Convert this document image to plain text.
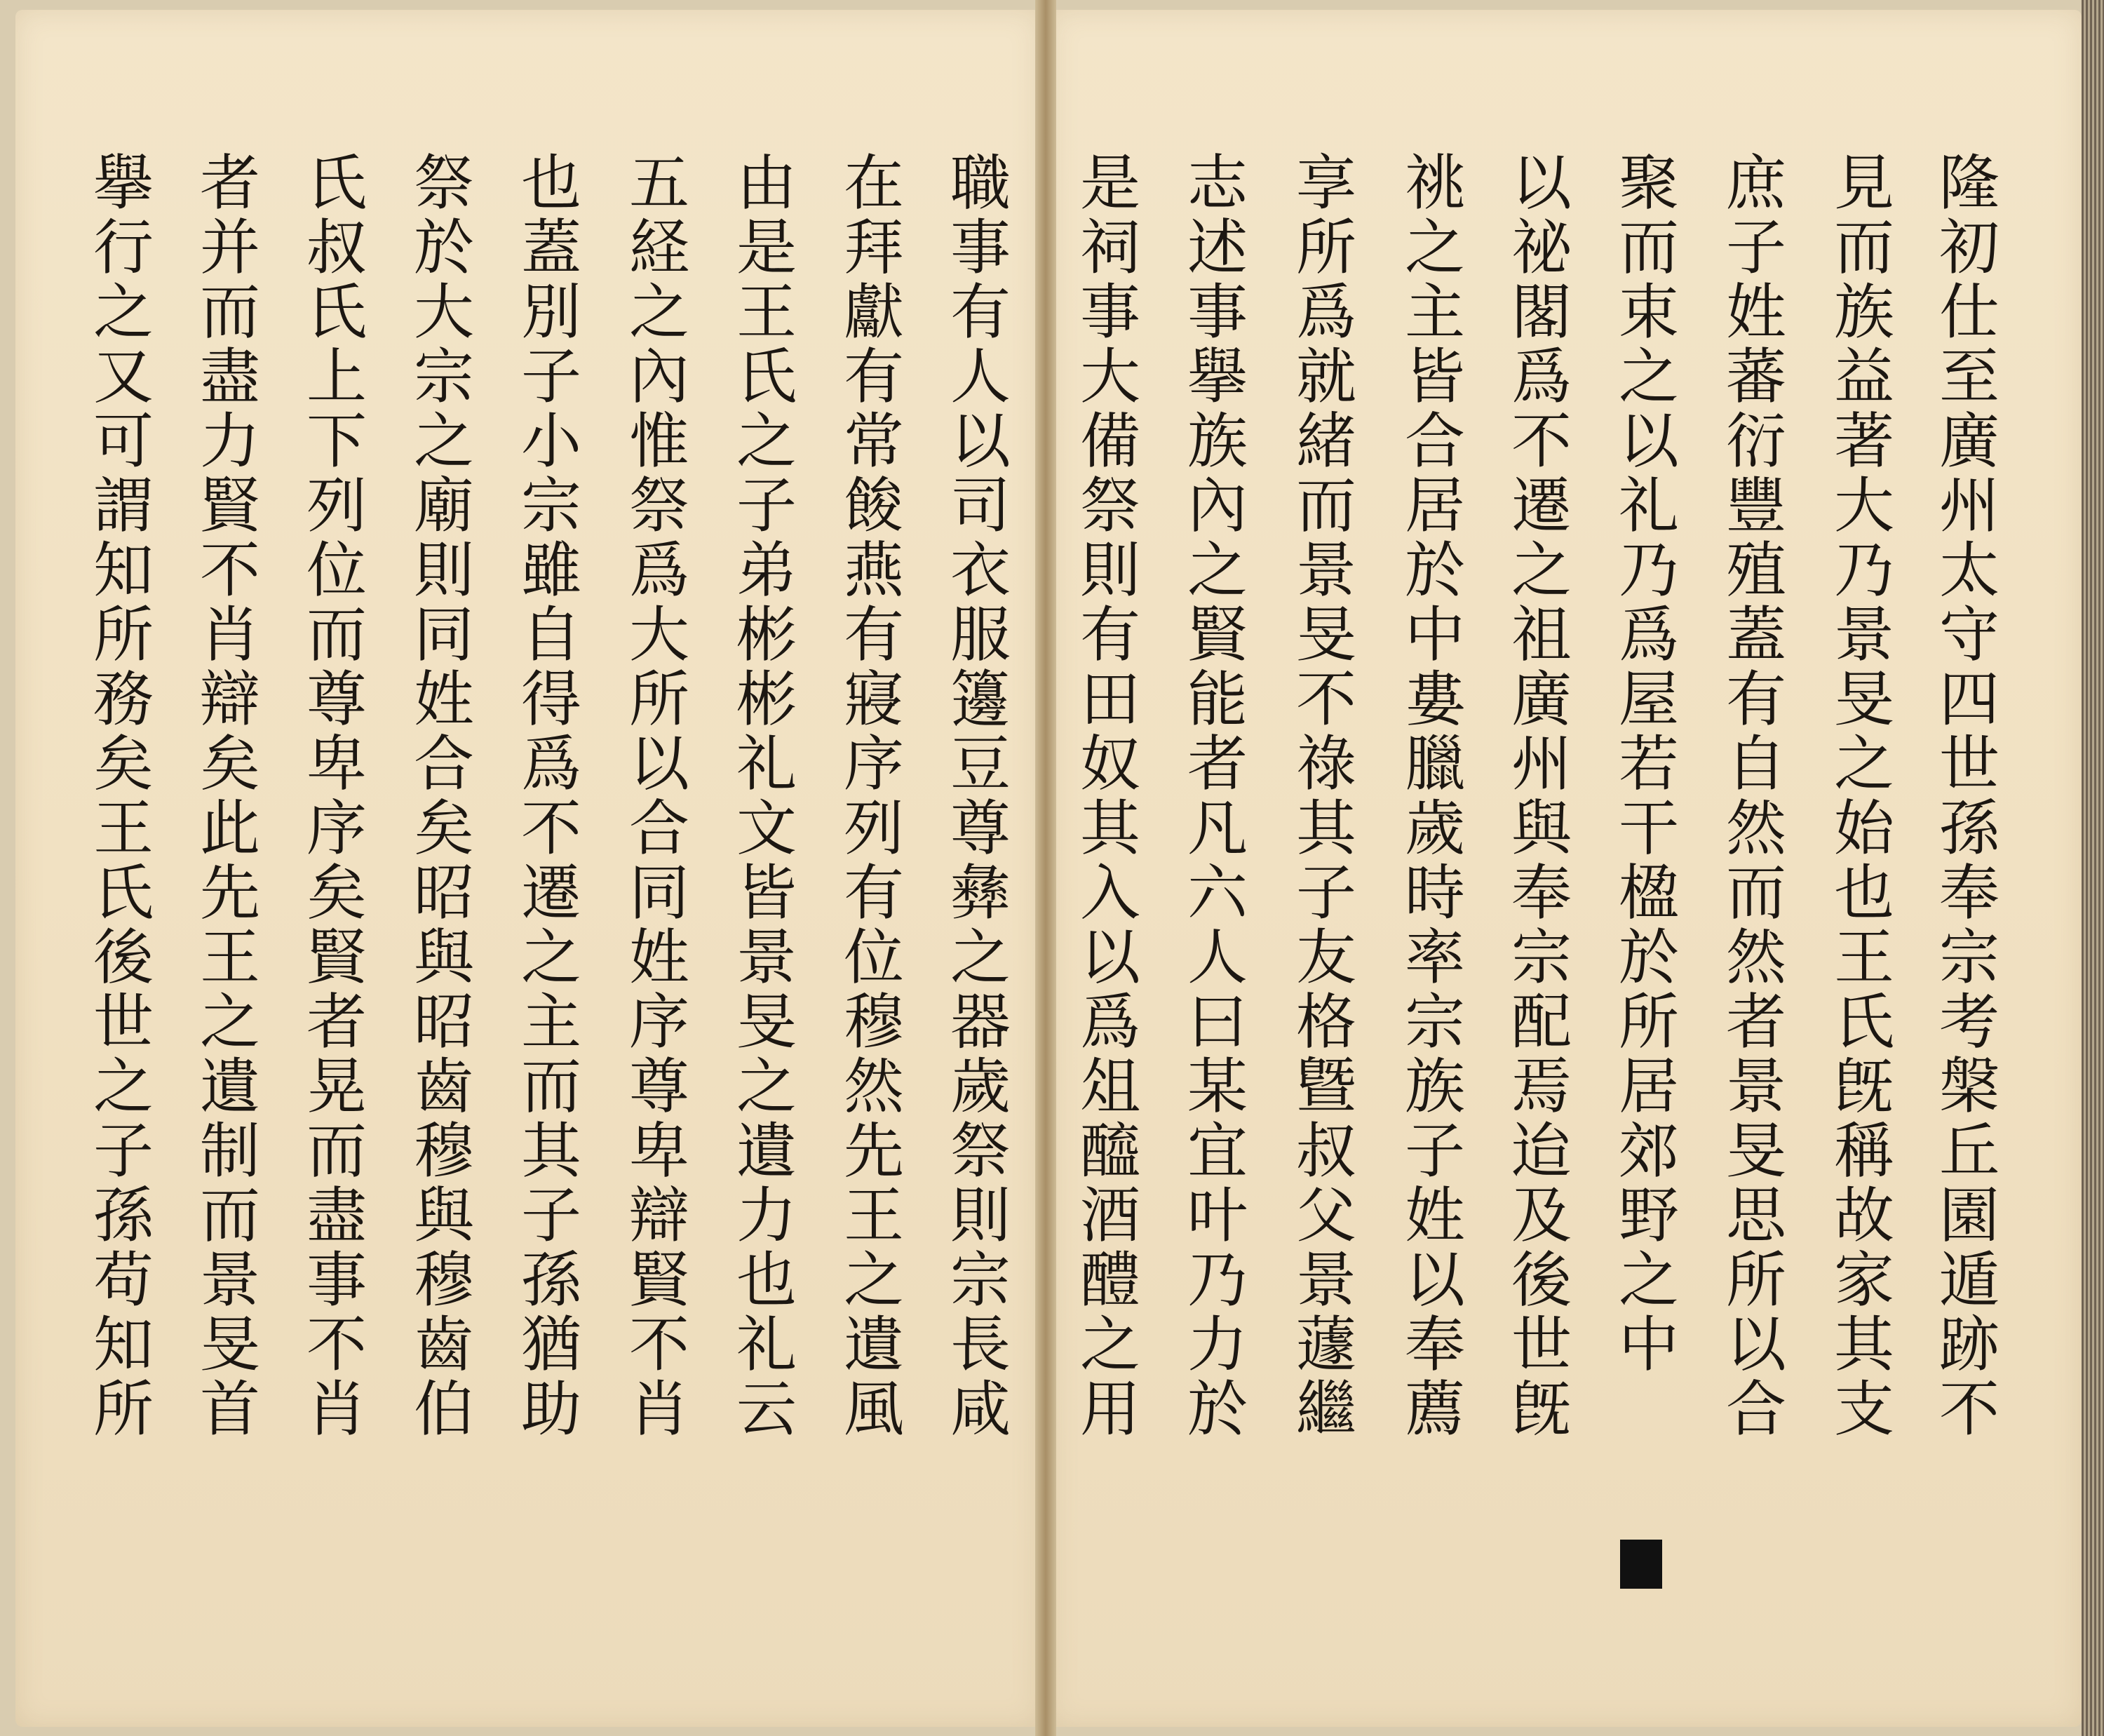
隆初仕至廣州太守四世孫奉宗考槃丘園遁跡不
見而族益著大乃景旻之始也王氏旣稱故家其支
庶子姓蕃衍豐殖蓋有自然而然者景旻思所以合
聚而束之以礼乃爲屋若干楹於所居郊野之中
以祕閣爲不遷之祖廣州與奉宗配焉迨及後世旣
祧之主皆合居於中婁臘歲時率宗族子姓以奉薦
享所爲就緒而景旻不祿其子友格曁叔父景蘧繼
志述事擧族內之賢能者凡六人曰某宜叶乃力於
是祠事大備祭則有田奴其入以爲俎醯酒醴之用
職事有人以司衣服籩豆尊彝之器歲祭則宗長咸
在拜獻有常餕燕有寢序列有位穆然先王之遺風
由是王氏之子弟彬彬礼文皆景旻之遺力也礼云
五経之內惟祭爲大所以合同姓序尊卑辯賢不肖
也蓋別子小宗雖自得爲不遷之主而其子孫猶助
祭於大宗之廟則同姓合矣昭與昭齒穆與穆齒伯
氏叔氏上下列位而尊卑序矣賢者晃而盡事不肖
者并而盡力賢不肖辯矣此先王之遺制而景旻首
擧行之又可謂知所務矣王氏後世之子孫苟知所
